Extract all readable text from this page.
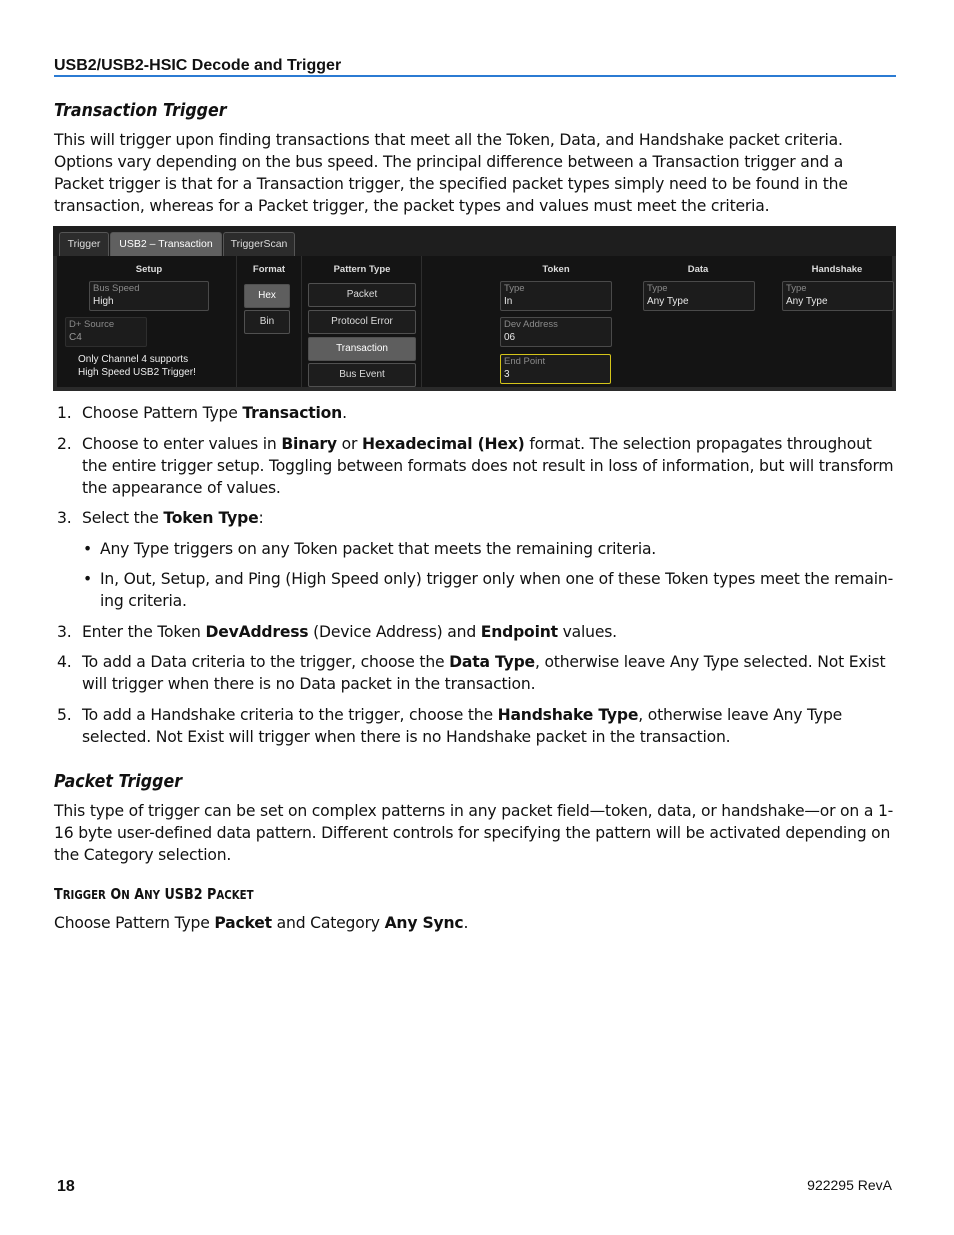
USB2/USB2-HSIC Decode and Trigger
Transaction Trigger
This will trigger upon finding transactions that meet all the Token, Data, and Handshake packet criteria. Options vary depending on the bus speed. The principal difference between a Transaction trigger and a Packet trigger is that for a Transaction trigger, the specified packet types simply need to be found in the transaction, whereas for a Packet trigger, the packet types and values must meet the criteria.
Trigger	USB2 – Transaction	TriggerScan
Setup	Format	Pattern Type	Token	Data	Handshake
Bus Speed
High
D+ Source
C4
Only Channel 4 supports
High Speed USB2 Trigger!
Hex
Bin
Packet
Protocol Error
Transaction
Bus Event
Type
In
Dev Address
06
End Point
3
Type
Any Type
Type
Any Type
1. Choose Pattern Type Transaction.
2. Choose to enter values in Binary or Hexadecimal (Hex) format. The selection propagates throughout the entire trigger setup. Toggling between formats does not result in loss of information, but will transform the appearance of values.
3. Select the Token Type:
• Any Type triggers on any Token packet that meets the remaining criteria.
• In, Out, Setup, and Ping (High Speed only) trigger only when one of these Token types meet the remain-ing criteria.
3. Enter the Token DevAddress (Device Address) and Endpoint values.
4. To add a Data criteria to the trigger, choose the Data Type, otherwise leave Any Type selected. Not Exist will trigger when there is no Data packet in the transaction.
5. To add a Handshake criteria to the trigger, choose the Handshake Type, otherwise leave Any Type selected. Not Exist will trigger when there is no Handshake packet in the transaction.
Packet Trigger
This type of trigger can be set on complex patterns in any packet field—token, data, or handshake—or on a 1-16 byte user-defined data pattern. Different controls for specifying the pattern will be activated depending on the Category selection.
TRIGGER ON ANY USB2 PACKET
Choose Pattern Type Packet and Category Any Sync.
18	922295 RevA
